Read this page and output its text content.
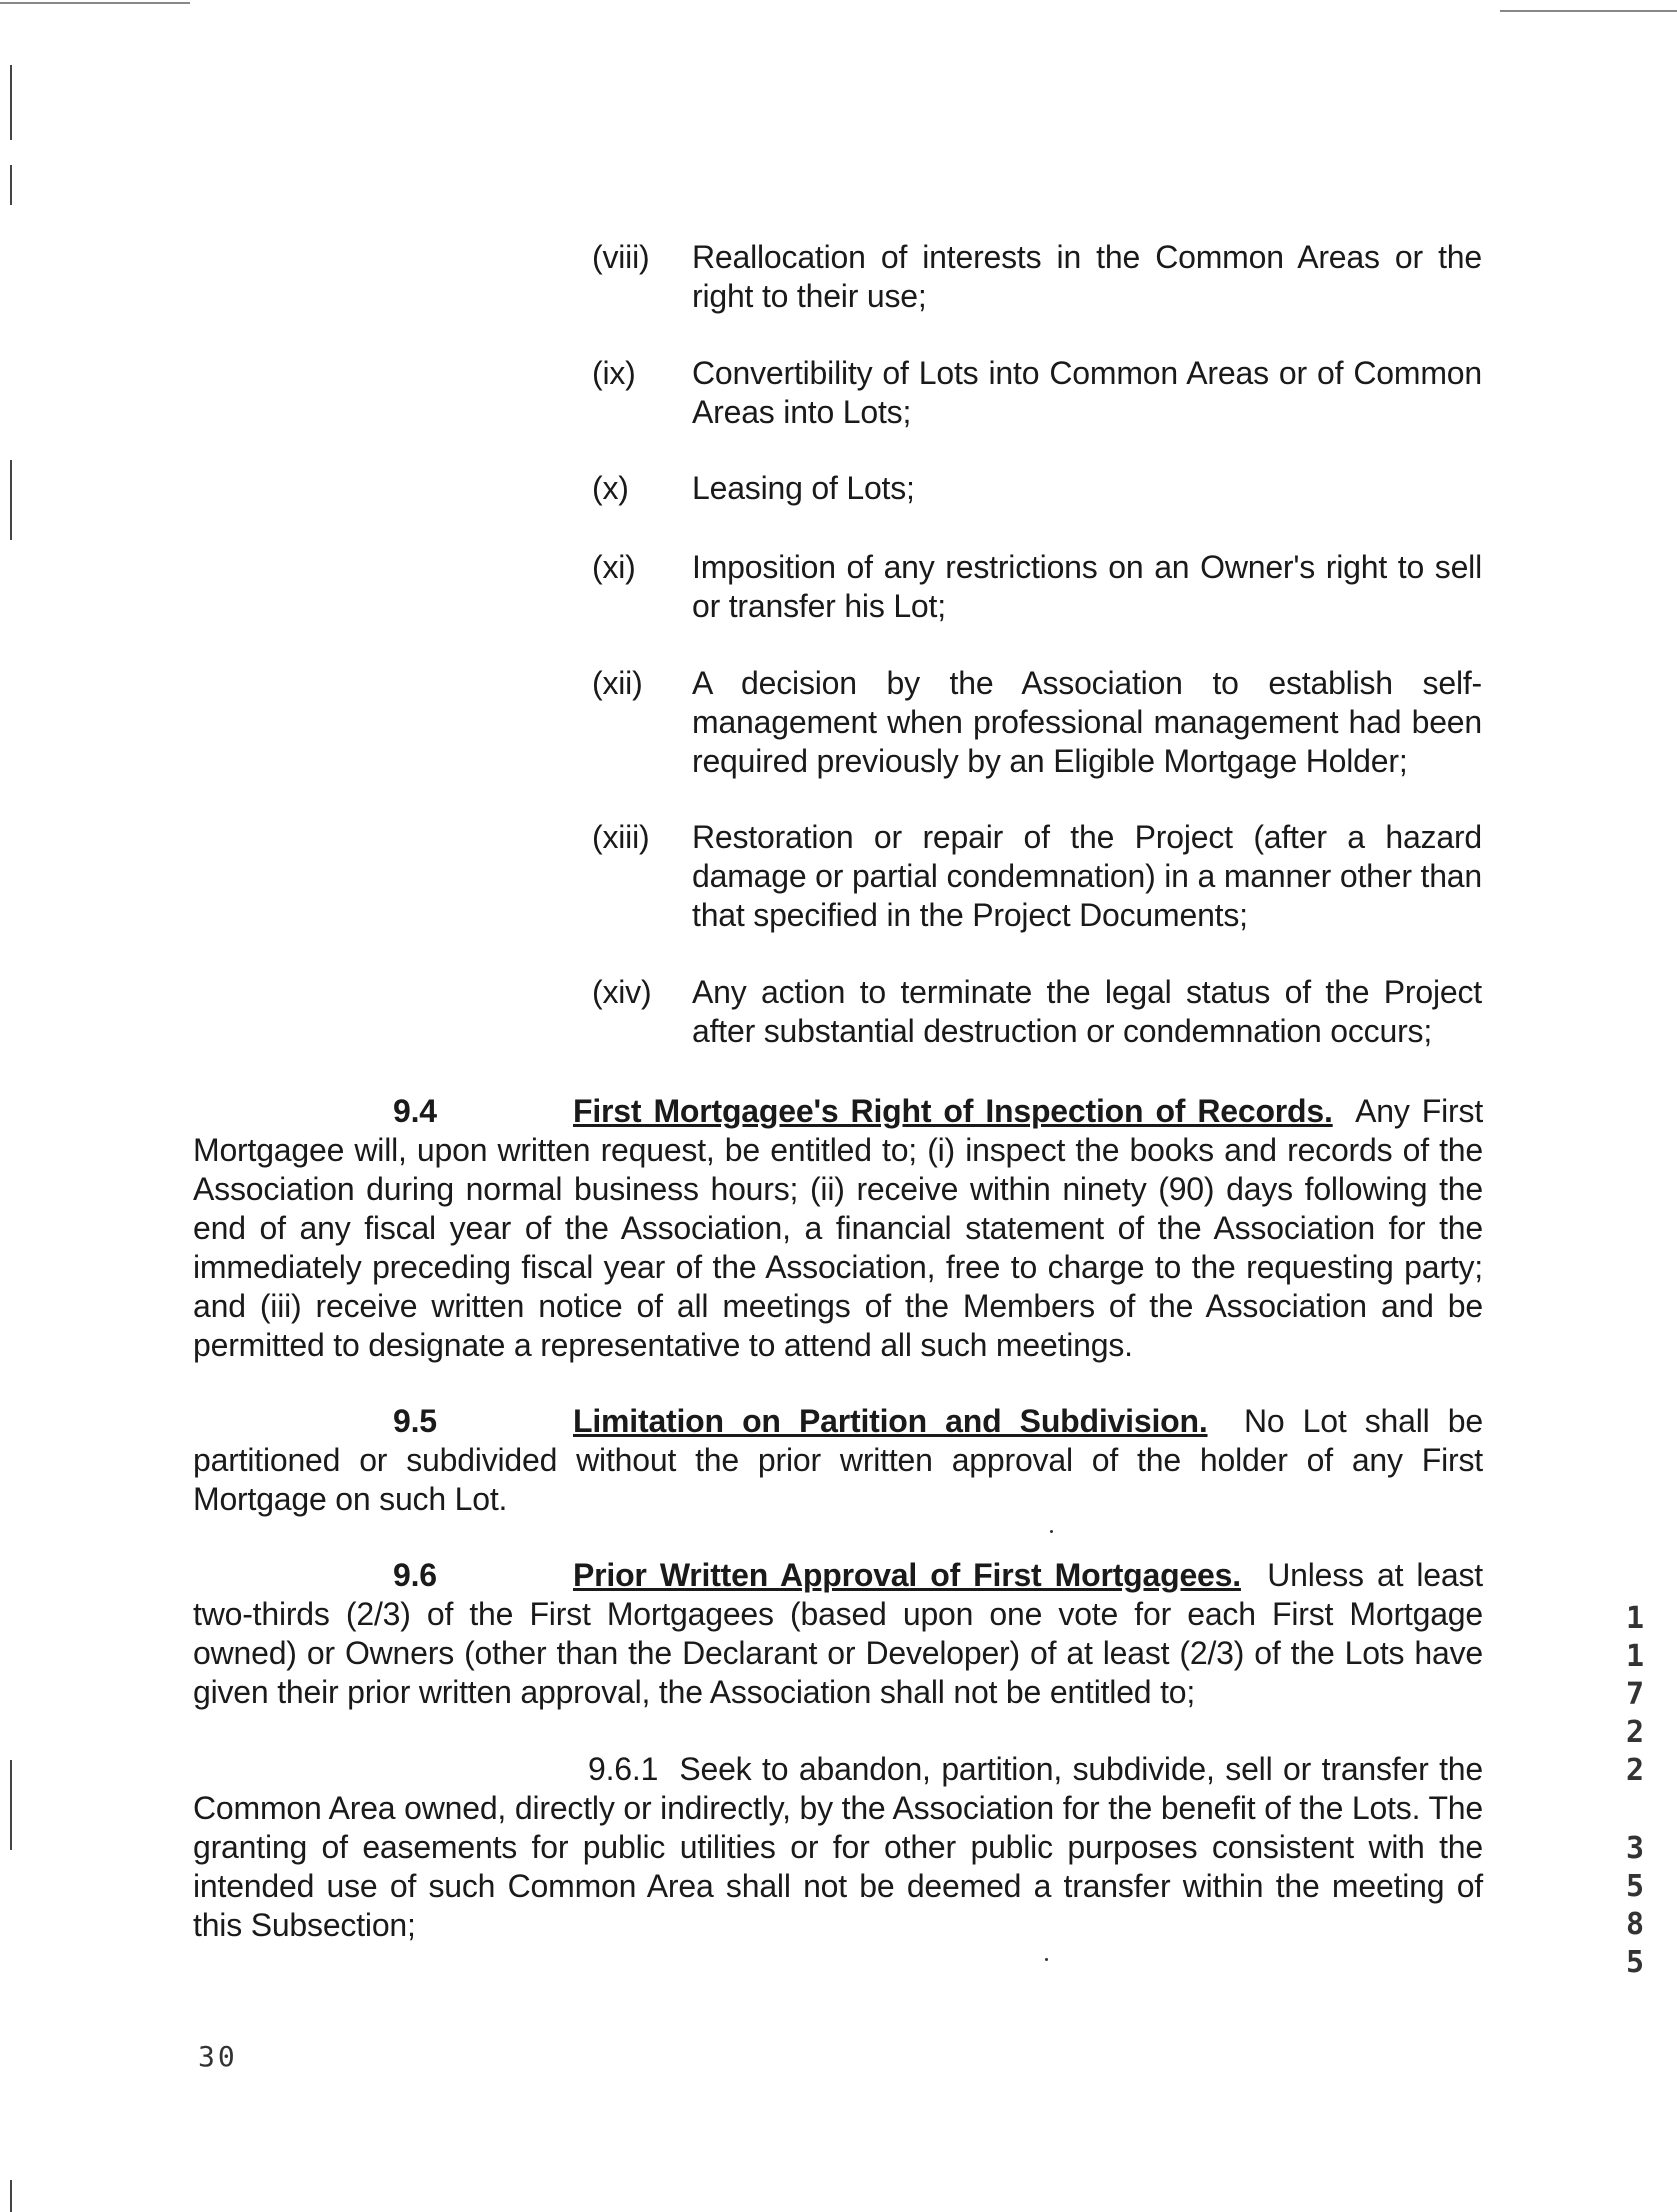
(viii)	Reallocation of interests in the Common Areas or the right to their use;
(ix)	Convertibility of Lots into Common Areas or of Common Areas into Lots;
(x)	Leasing of Lots;
(xi)	Imposition of any restrictions on an Owner's right to sell or transfer his Lot;
(xii)	A decision by the Association to establish self-management when professional management had been required previously by an Eligible Mortgage Holder;
(xiii)	Restoration or repair of the Project (after a hazard damage or partial condemnation) in a manner other than that specified in the Project Documents;
(xiv)	Any action to terminate the legal status of the Project after substantial destruction or condemnation occurs;
9.4	First Mortgagee's Right of Inspection of Records. Any First Mortgagee will, upon written request, be entitled to; (i) inspect the books and records of the Association during normal business hours; (ii) receive within ninety (90) days following the end of any fiscal year of the Association, a financial statement of the Association for the immediately preceding fiscal year of the Association, free to charge to the requesting party; and (iii) receive written notice of all meetings of the Members of the Association and be permitted to designate a representative to attend all such meetings.
9.5	Limitation on Partition and Subdivision. No Lot shall be partitioned or subdivided without the prior written approval of the holder of any First Mortgage on such Lot.
9.6	Prior Written Approval of First Mortgagees. Unless at least two-thirds (2/3) of the First Mortgagees (based upon one vote for each First Mortgage owned) or Owners (other than the Declarant or Developer) of at least (2/3) of the Lots have given their prior written approval, the Association shall not be entitled to;
9.6.1 Seek to abandon, partition, subdivide, sell or transfer the Common Area owned, directly or indirectly, by the Association for the benefit of the Lots. The granting of easements for public utilities or for other public purposes consistent with the intended use of such Common Area shall not be deemed a transfer within the meeting of this Subsection;
30
1
1
7
2
2
3
5
8
5
